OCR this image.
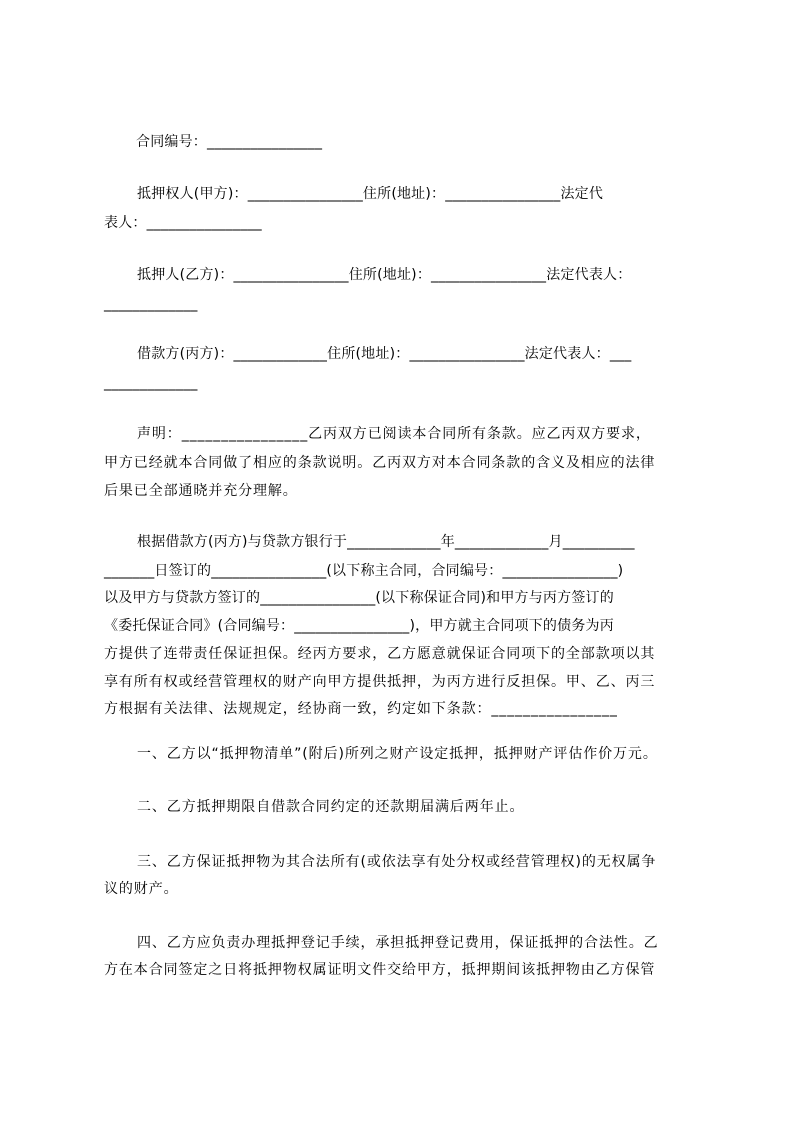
合同编号：________________
抵押权人(甲方)：________________住所(地址)：________________法定代
表人：________________
抵押人(乙方)：________________住所(地址)：________________法定代表人：
_____________
借款方(丙方)：_____________住所(地址)：________________法定代表人：___
_____________
声明：________________乙丙双方已阅读本合同所有条款。应乙丙双方要求，
甲方已经就本合同做了相应的条款说明。乙丙双方对本合同条款的含义及相应的法律
后果已全部通晓并充分理解。
根据借款方(丙方)与贷款方银行于_____________年_____________月__________
_______日签订的________________(以下称主合同，合同编号：________________)
以及甲方与贷款方签订的________________(以下称保证合同)和甲方与丙方签订的
《委托保证合同》(合同编号：________________)，甲方就主合同项下的债务为丙
方提供了连带责任保证担保。经丙方要求，乙方愿意就保证合同项下的全部款项以其
享有所有权或经营管理权的财产向甲方提供抵押，为丙方进行反担保。甲、乙、丙三
方根据有关法律、法规规定，经协商一致，约定如下条款：________________
一、乙方以“抵押物清单”(附后)所列之财产设定抵押，抵押财产评估作价万元。
二、乙方抵押期限自借款合同约定的还款期届满后两年止。
三、乙方保证抵押物为其合法所有(或依法享有处分权或经营管理权)的无权属争
议的财产。
四、乙方应负责办理抵押登记手续，承担抵押登记费用，保证抵押的合法性。乙
方在本合同签定之日将抵押物权属证明文件交给甲方，抵押期间该抵押物由乙方保管
